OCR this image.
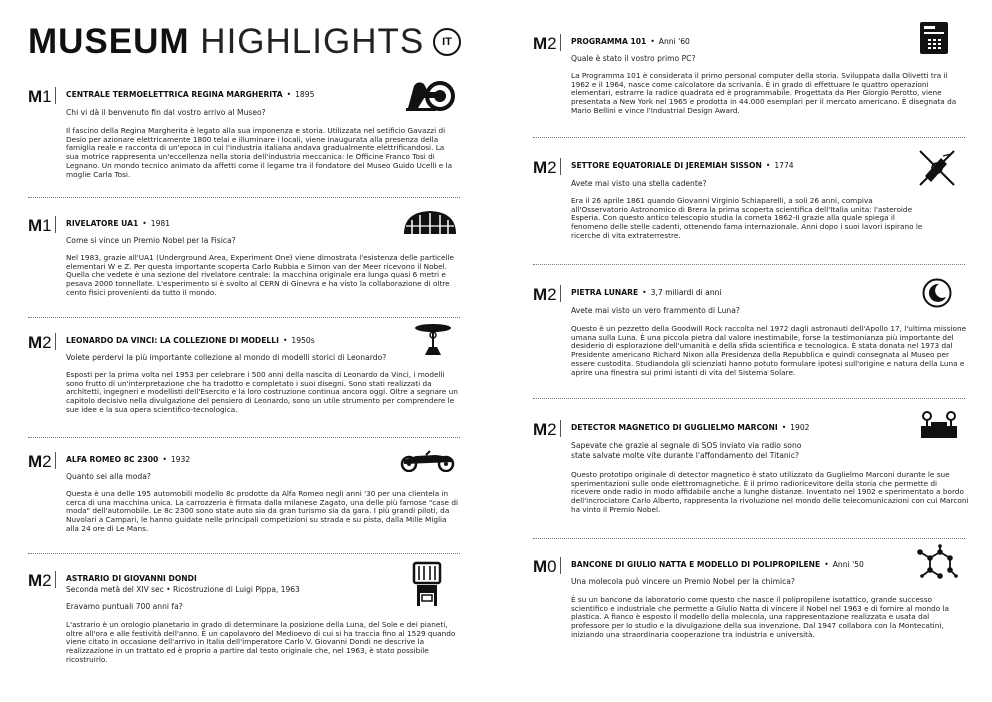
MUSEUM HIGHLIGHTS	IT
M1	CENTRALE TERMOELETTRICA REGINA MARGHERITA • 1895
Chi vi dà il benvenuto fin dal vostro arrivo al Museo?
Il fascino della Regina Margherita è legato alla sua imponenza e storia. Utilizzata nel setificio Gavazzi di Desio per azionare elettricamente 1800 telai e illuminare i locali, viene inaugurata alla presenza della famiglia reale e racconta di un'epoca in cui l'industria italiana andava gradualmente elettrificandosi. La sua motrice rappresenta un'eccellenza nella storia dell'industria meccanica: le Officine Franco Tosi di Legnano. Un mondo tecnico animato da affetti come il legame tra il fondatore del Museo Guido Ucelli e la moglie Carla Tosi.
M1	RIVELATORE UA1 • 1981
Come si vince un Premio Nobel per la Fisica?
Nel 1983, grazie all'UA1 (Underground Area, Experiment One) viene dimostrata l'esistenza delle particelle elementari W e Z. Per questa importante scoperta Carlo Rubbia e Simon van der Meer ricevono il Nobel. Quella che vedete è una sezione del rivelatore centrale: la macchina originale era lunga quasi 6 metri e pesava 2000 tonnellate. L'esperimento si è svolto al CERN di Ginevra e ha visto la collaborazione di oltre cento fisici provenienti da tutto il mondo.
M2	LEONARDO DA VINCI: LA COLLEZIONE DI MODELLI • 1950s
Volete perdervi la più importante collezione al mondo di modelli storici di Leonardo?
Esposti per la prima volta nel 1953 per celebrare i 500 anni della nascita di Leonardo da Vinci, i modelli sono frutto di un'interpretazione che ha tradotto e completato i suoi disegni. Sono stati realizzati da architetti, ingegneri e modellisti dell'Esercito e la loro costruzione continua ancora oggi. Oltre a segnare un capitolo decisivo nella divulgazione del pensiero di Leonardo, sono un utile strumento per comprendere le sue idee e la sua opera scientifico-tecnologica.
M2	ALFA ROMEO 8C 2300 • 1932
Quanto sei alla moda?
Questa è una delle 195 automobili modello 8c prodotte da Alfa Romeo negli anni '30 per una clientela in cerca di una macchina unica. La carrozzeria è firmata dalla milanese Zagato, una delle più famose "case di moda" dell'automobile. Le 8c 2300 sono state auto sia da gran turismo sia da gara. I più grandi piloti, da Nuvolari a Campari, le hanno guidate nelle principali competizioni su strada e su pista, dalla Mille Miglia alla 24 ore di Le Mans.
M2	ASTRARIO DI GIOVANNI DONDI
Seconda metà del XIV sec • Ricostruzione di Luigi Pippa, 1963
Eravamo puntuali 700 anni fa?
L'astrario è un orologio planetario in grado di determinare la posizione della Luna, del Sole e dei pianeti, oltre all'ora e alle festività dell'anno. È un capolavoro del Medioevo di cui si ha traccia fino al 1529 quando viene citato in occasione dell'arrivo in Italia dell'imperatore Carlo V. Giovanni Dondi ne descrive la realizzazione in un trattato ed è proprio a partire dal testo originale che, nel 1963, è stato possibile ricostruirlo.
M2	PROGRAMMA 101 • Anni '60
Quale è stato il vostro primo PC?
La Programma 101 è considerata il primo personal computer della storia. Sviluppata dalla Olivetti tra il 1962 e il 1964, nasce come calcolatore da scrivania. È in grado di effettuare le quattro operazioni elementari, estrarre la radice quadrata ed è programmabile. Progettata da Pier Giorgio Perotto, viene presentata a New York nel 1965 e prodotta in 44.000 esemplari per il mercato americano. È disegnata da Mario Bellini e vince l'Industrial Design Award.
M2	SETTORE EQUATORIALE DI JEREMIAH SISSON • 1774
Avete mai visto una stella cadente?
Era il 26 aprile 1861 quando Giovanni Virginio Schiaparelli, a soli 26 anni, compiva all'Osservatorio Astronomico di Brera la prima scoperta scientifica dell'Italia unita: l'asteroide Esperia. Con questo antico telescopio studia la cometa 1862-II grazie alla quale spiega il fenomeno delle stelle cadenti, ottenendo fama internazionale. Anni dopo i suoi lavori ispirano le ricerche di vita extraterrestre.
M2	PIETRA LUNARE • 3,7 miliardi di anni
Avete mai visto un vero frammento di Luna?
Questo è un pezzetto della Goodwill Rock raccolta nel 1972 dagli astronauti dell'Apollo 17, l'ultima missione umana sulla Luna. È una piccola pietra dal valore inestimabile, forse la testimonianza più importante del desiderio di esplorazione dell'umanità e della sfida scientifica e tecnologica. È stata donata nel 1973 dal Presidente americano Richard Nixon alla Presidenza della Repubblica e quindi consegnata al Museo per essere custodita. Studiandola gli scienziati hanno potuto formulare ipotesi sull'origine e natura della Luna e aprire una finestra sui primi istanti di vita del Sistema Solare.
M2	DETECTOR MAGNETICO DI GUGLIELMO MARCONI • 1902
Sapevate che grazie al segnale di SOS inviato via radio sono state salvate molte vite durante l'affondamento del Titanic?
Questo prototipo originale di detector magnetico è stato utilizzato da Guglielmo Marconi durante le sue sperimentazioni sulle onde elettromagnetiche. È il primo radioricevitore della storia che permette di ricevere onde radio in modo affidabile anche a lunghe distanze. Inventato nel 1902 e sperimentato a bordo dell'incrociatore Carlo Alberto, rappresenta la rivoluzione nel mondo delle telecomunicazioni con cui Marconi ha vinto il Premio Nobel.
M0	BANCONE DI GIULIO NATTA E MODELLO DI POLIPROPILENE • Anni '50
Una molecola può vincere un Premio Nobel per la chimica?
È su un bancone da laboratorio come questo che nasce il polipropilene isotattico, grande successo scientifico e industriale che permette a Giulio Natta di vincere il Nobel nel 1963 e di fornire al mondo la plastica. A fianco è esposto il modello della molecola, una rappresentazione realizzata e usata dal professore per lo studio e la divulgazione della sua invenzione. Dal 1947 collabora con la Montecatini, iniziando una straordinaria cooperazione tra industria e università.
